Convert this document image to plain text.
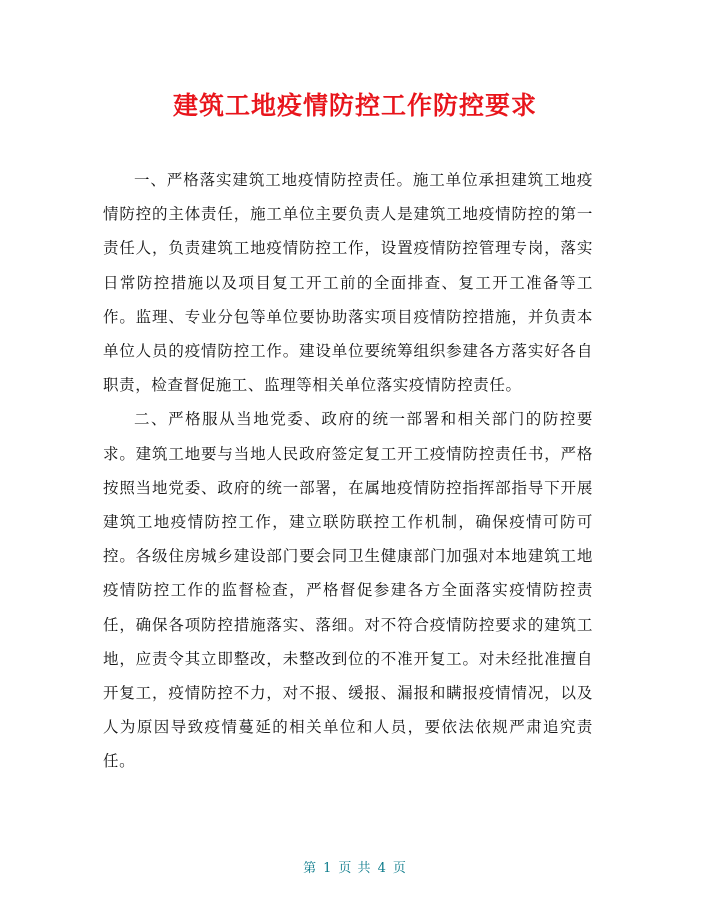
建筑工地疫情防控工作防控要求

一、严格落实建筑工地疫情防控责任。施工单位承担建筑工地疫情防控的主体责任，施工单位主要负责人是建筑工地疫情防控的第一责任人，负责建筑工地疫情防控工作，设置疫情防控管理专岗，落实日常防控措施以及项目复工开工前的全面排查、复工开工准备等工作。监理、专业分包等单位要协助落实项目疫情防控措施，并负责本单位人员的疫情防控工作。建设单位要统筹组织参建各方落实好各自职责，检查督促施工、监理等相关单位落实疫情防控责任。

二、严格服从当地党委、政府的统一部署和相关部门的防控要求。建筑工地要与当地人民政府签定复工开工疫情防控责任书，严格按照当地党委、政府的统一部署，在属地疫情防控指挥部指导下开展建筑工地疫情防控工作，建立联防联控工作机制，确保疫情可防可控。各级住房城乡建设部门要会同卫生健康部门加强对本地建筑工地疫情防控工作的监督检查，严格督促参建各方全面落实疫情防控责任，确保各项防控措施落实、落细。对不符合疫情防控要求的建筑工地，应责令其立即整改，未整改到位的不准开复工。对未经批准擅自开复工，疫情防控不力，对不报、缓报、漏报和瞒报疫情情况，以及人为原因导致疫情蔓延的相关单位和人员，要依法依规严肃追究责任。

第 1 页 共 4 页
